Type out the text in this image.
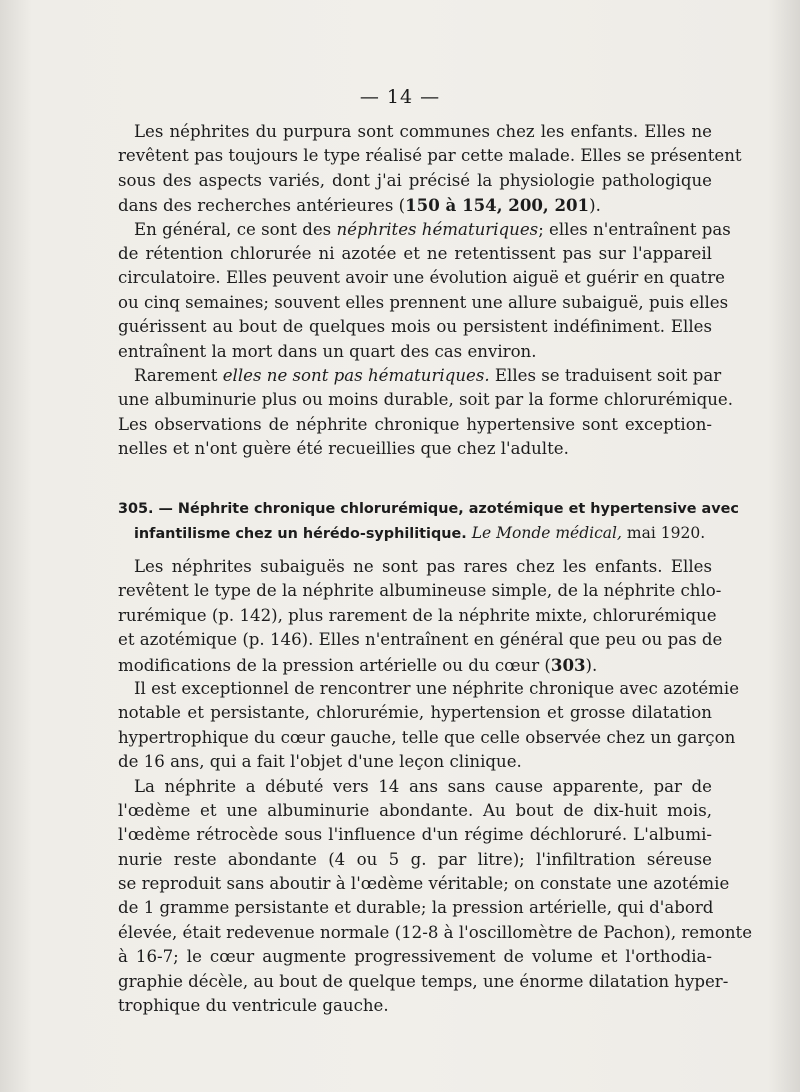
— 14 —
Les néphrites du purpura sont communes chez les enfants. Elles ne
revêtent pas toujours le type réalisé par cette malade. Elles se présentent
sous des aspects variés, dont j'ai précisé la physiologie pathologique
dans des recherches antérieures (150 à 154, 200, 201).
En général, ce sont des néphrites hématuriques; elles n'entraînent pas
de rétention chlorurée ni azotée et ne retentissent pas sur l'appareil
circulatoire. Elles peuvent avoir une évolution aiguë et guérir en quatre
ou cinq semaines; souvent elles prennent une allure subaiguë, puis elles
guérissent au bout de quelques mois ou persistent indéfiniment. Elles
entraînent la mort dans un quart des cas environ.
Rarement elles ne sont pas hématuriques. Elles se traduisent soit par
une albuminurie plus ou moins durable, soit par la forme chlorurémique.
Les observations de néphrite chronique hypertensive sont exception-
nelles et n'ont guère été recueillies que chez l'adulte.
305. — Néphrite chronique chlorurémique, azotémique et hypertensive avec
infantilisme chez un hérédo-syphilitique. Le Monde médical, mai 1920.
Les néphrites subaiguës ne sont pas rares chez les enfants. Elles
revêtent le type de la néphrite albumineuse simple, de la néphrite chlo-
rurémique (p. 142), plus rarement de la néphrite mixte, chlorurémique
et azotémique (p. 146). Elles n'entraînent en général que peu ou pas de
modifications de la pression artérielle ou du cœur (303).
Il est exceptionnel de rencontrer une néphrite chronique avec azotémie
notable et persistante, chlorurémie, hypertension et grosse dilatation
hypertrophique du cœur gauche, telle que celle observée chez un garçon
de 16 ans, qui a fait l'objet d'une leçon clinique.
La néphrite a débuté vers 14 ans sans cause apparente, par de
l'œdème et une albuminurie abondante. Au bout de dix-huit mois,
l'œdème rétrocède sous l'influence d'un régime déchloruré. L'albumi-
nurie reste abondante (4 ou 5 g. par litre); l'infiltration séreuse
se reproduit sans aboutir à l'œdème véritable; on constate une azotémie
de 1 gramme persistante et durable; la pression artérielle, qui d'abord
élevée, était redevenue normale (12-8 à l'oscillomètre de Pachon), remonte
à 16-7; le cœur augmente progressivement de volume et l'orthodia-
graphie décèle, au bout de quelque temps, une énorme dilatation hyper-
trophique du ventricule gauche.
